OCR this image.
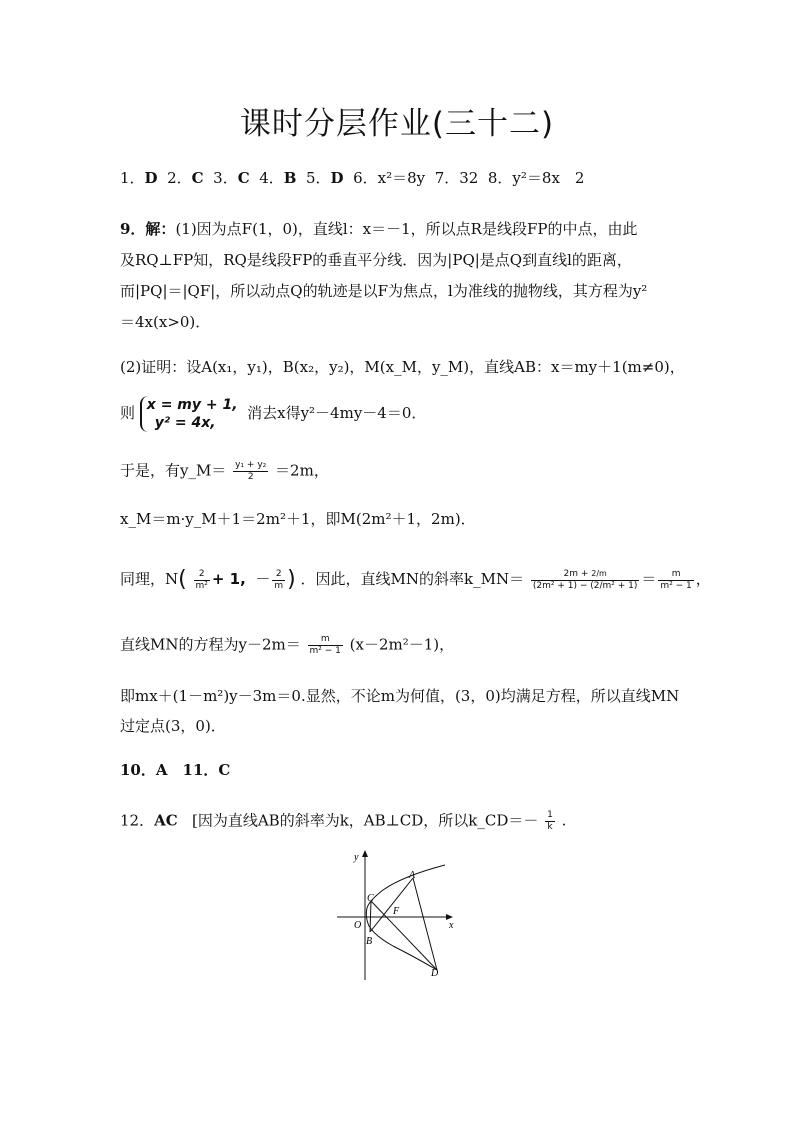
课时分层作业(三十二)
1．D 2．C 3．C 4．B 5．D 6．x²＝8y 7．32 8．y²＝8x　2
9．解：(1)因为点F(1，0)，直线l：x＝－1，所以点R是线段FP的中点，由此
及RQ⊥FP知，RQ是线段FP的垂直平分线．因为|PQ|是点Q到直线l的距离，
而|PQ|＝|QF|，所以动点Q的轨迹是以F为焦点，l为准线的抛物线，其方程为y²
＝4x(x>0)．
(2)证明：设A(x₁，y₁)，B(x₂，y₂)，M(x_M，y_M)，直线AB：x＝my＋1(m≠0)，
则 x = my + 1,
y² = 4x,
消去x得y²－4my－4＝0．
于是，有y_M＝ $\frac{\text{y₁ + y₂}}{2} =2m$，
x_M＝m·y_M＋1＝2m²＋1，即M(2m²＋1，2m)．
同理，$N( \frac{2}{\text{m²}} + 1$,  － $\frac{2}{m}$ ) ．因此，直线MN的斜率k_MN＝ $\frac{2m + 2/m}{\text{(2m² + 1) − (2/m² + 1)}} = \frac{m}{\text{m² − 1}}$ ，
直线MN的方程为$y-2m= \frac{m}{\text{m² − 1}} (x-2m^2-1)$，
即mx＋(1－m²)y－3m＝0.显然，不论m为何值，(3，0)均满足方程，所以直线MN
过定点(3，0)．
10．A　11．C
12．AC [因为直线AB的斜率为k，AB⊥CD，所以k_CD＝－ $\frac{1}{k}$ .
y
x
O
A
C
F
B
D
